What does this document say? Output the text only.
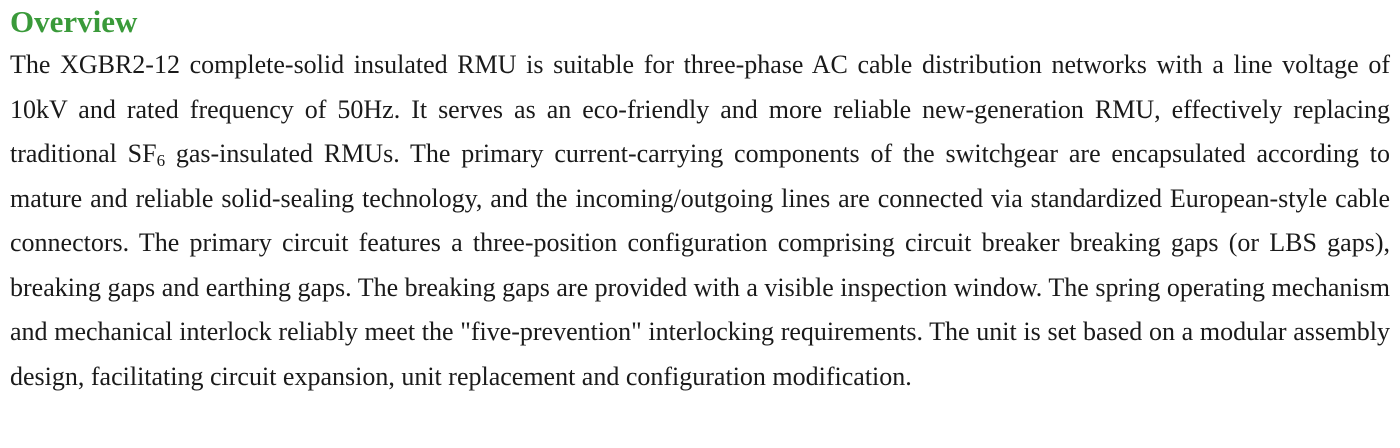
Overview

The XGBR2-12 complete-solid insulated RMU is suitable for three-phase AC cable distribution networks with a line voltage of 10kV and rated frequency of 50Hz. It serves as an eco-friendly and more reliable new-generation RMU, effectively replacing traditional $SF_6$ gas-insulated RMUs. The primary current-carrying components of the switchgear are encapsulated according to mature and reliable solid-sealing technology, and the incoming/outgoing lines are connected via standardized European-style cable connectors. The primary circuit features a three-position configuration comprising circuit breaker breaking gaps (or LBS gaps), breaking gaps and earthing gaps. The breaking gaps are provided with a visible inspection window. The spring operating mechanism and mechanical interlock reliably meet the "five-prevention" interlocking requirements. The unit is set based on a modular assembly design, facilitating circuit expansion, unit replacement and configuration modification.
